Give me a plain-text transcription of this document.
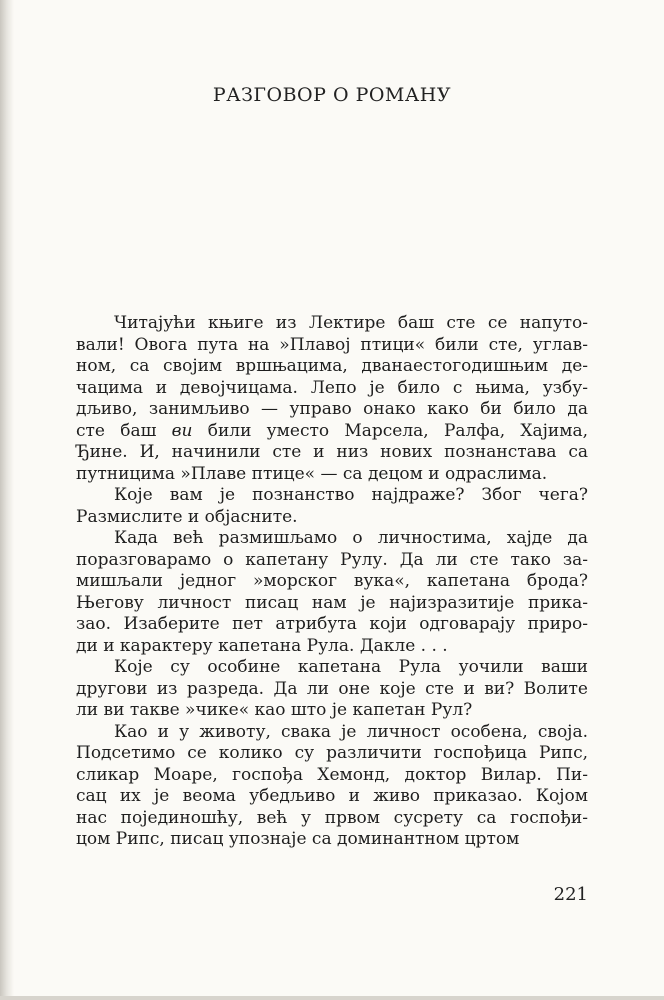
РАЗГОВОР О РОМАНУ
Читајући књиге из Лектире баш сте се напуто-
вали! Овога пута на »Плавој птици« били сте, углав-
ном, са својим вршњацима, дванаестогодишњим де-
чацима и девојчицама. Лепо је било с њима, узбу-
дљиво, занимљиво — управо онако како би било да
сте баш ви били уместо Марсела, Ралфа, Хајима,
Ђине. И, начинили сте и низ нових познанстава са
путницима »Плаве птице« — са децом и одраслима.
Које вам је познанство најдраже? Због чега?
Размислите и објасните.
Када већ размишљамо о личностима, хајде да
поразговарамо о капетану Рулу. Да ли сте тако за-
мишљали једног »морског вука«, капетана брода?
Његову личност писац нам је најизразитије прика-
зао. Изаберите пет атрибута који одговарају приро-
ди и карактеру капетана Рула. Дакле . . .
Које су особине капетана Рула уочили ваши
другови из разреда. Да ли оне које сте и ви? Волите
ли ви такве »чике« као што је капетан Рул?
Као и у животу, свака је личност особена, своја.
Подсетимо се колико су различити госпођица Рипс,
сликар Моаре, госпођа Хемонд, доктор Вилар. Пи-
сац их је веома убедљиво и живо приказао. Којом
нас појединошћу, већ у првом сусрету са госпођи-
цом Рипс, писац упознаје са доминантном цртом
221
